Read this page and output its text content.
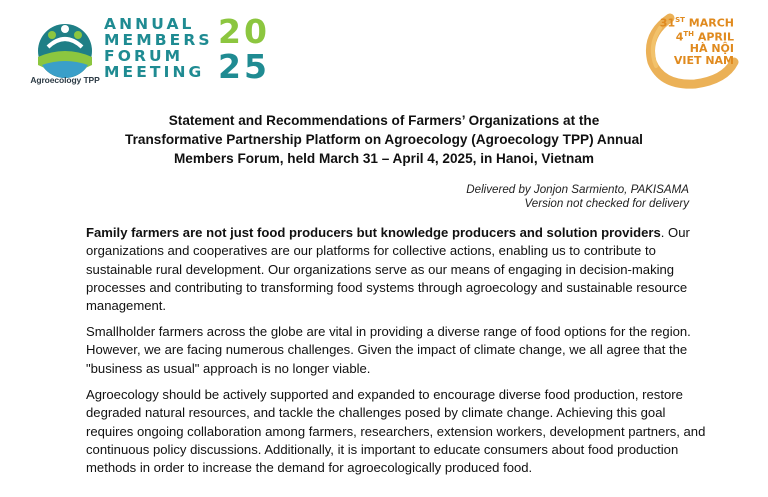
Agroecology TPP
ANNUAL
MEMBERS
FORUM
MEETING
20
25
31ST MARCH
4TH APRIL
HÀ NỘI
VIET NAM
Statement and Recommendations of Farmers’ Organizations at the
Transformative Partnership Platform on Agroecology (Agroecology TPP) Annual
Members Forum, held March 31 – April 4, 2025, in Hanoi, Vietnam
Delivered by Jonjon Sarmiento, PAKISAMA
Version not checked for delivery

Family farmers are not just food producers but knowledge producers and solution providers. Our organizations and cooperatives are our platforms for collective actions, enabling us to contribute to sustainable rural development. Our organizations serve as our means of engaging in decision-making processes and contributing to transforming food systems through agroecology and sustainable resource management.

Smallholder farmers across the globe are vital in providing a diverse range of food options for the region. However, we are facing numerous challenges. Given the impact of climate change, we all agree that the "business as usual" approach is no longer viable.

Agroecology should be actively supported and expanded to encourage diverse food production, restore degraded natural resources, and tackle the challenges posed by climate change. Achieving this goal requires ongoing collaboration among farmers, researchers, extension workers, development partners, and continuous policy discussions. Additionally, it is important to educate consumers about food production methods in order to increase the demand for agroecologically produced food.
